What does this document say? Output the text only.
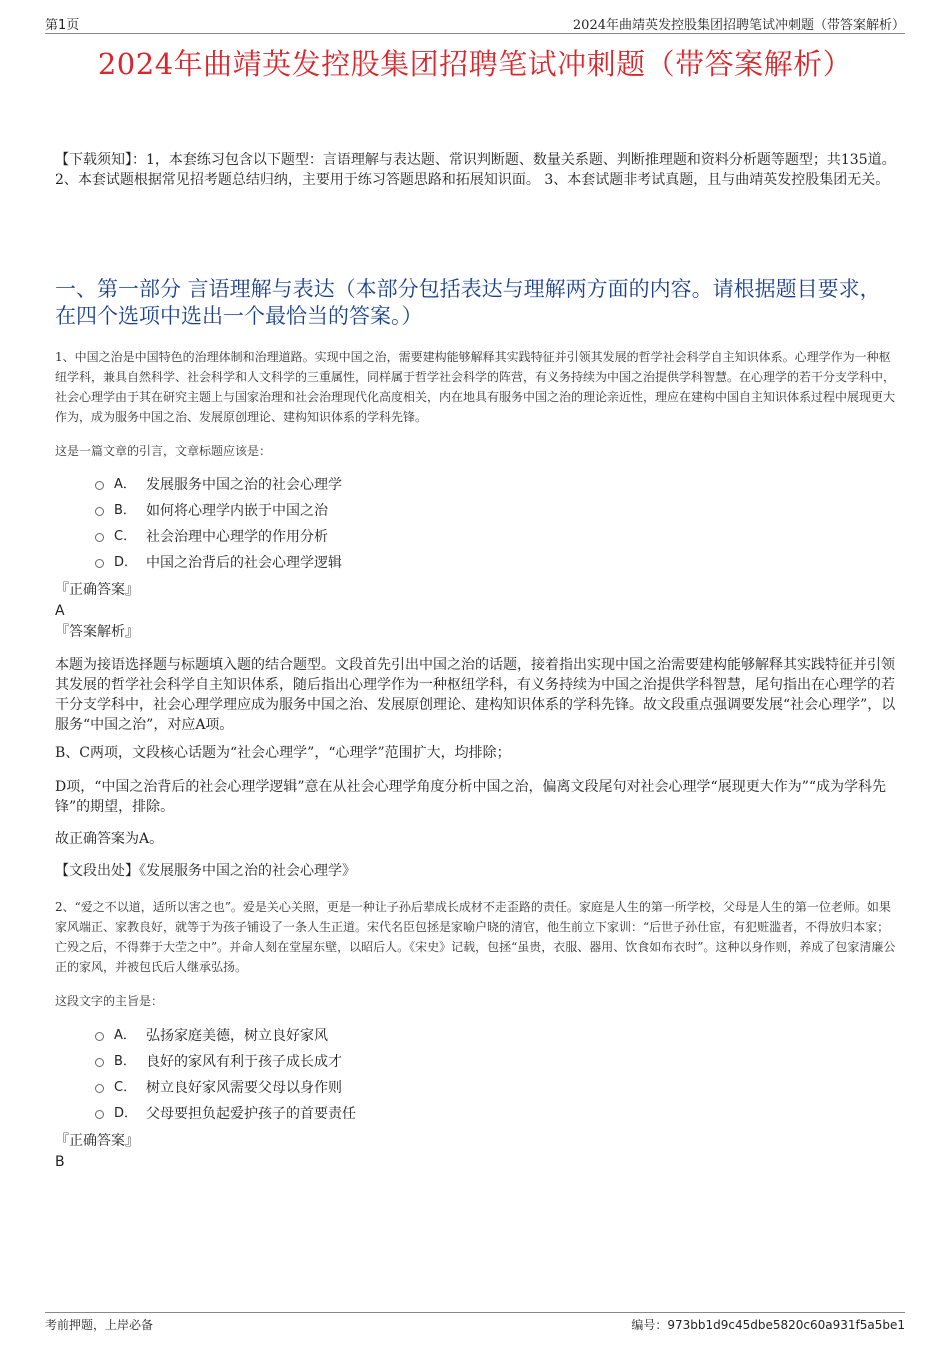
第1页	2024年曲靖英发控股集团招聘笔试冲刺题（带答案解析）
2024年曲靖英发控股集团招聘笔试冲刺题（带答案解析）
【下载须知】：1，本套练习包含以下题型：言语理解与表达题、常识判断题、数量关系题、判断推理题和资料分析题等题型；共135道。 2、本套试题根据常见招考题总结归纳，主要用于练习答题思路和拓展知识面。 3、本套试题非考试真题，且与曲靖英发控股集团无关。
一、第一部分 言语理解与表达（本部分包括表达与理解两方面的内容。请根据题目要求，在四个选项中选出一个最恰当的答案。）
1、中国之治是中国特色的治理体制和治理道路。实现中国之治，需要建构能够解释其实践特征并引领其发展的哲学社会科学自主知识体系。心理学作为一种枢纽学科，兼具自然科学、社会科学和人文科学的三重属性，同样属于哲学社会科学的阵营，有义务持续为中国之治提供学科智慧。在心理学的若干分支学科中，社会心理学由于其在研究主题上与国家治理和社会治理现代化高度相关，内在地具有服务中国之治的理论亲近性，理应在建构中国自主知识体系过程中展现更大作为，成为服务中国之治、发展原创理论、建构知识体系的学科先锋。
这是一篇文章的引言，文章标题应该是：
A． 发展服务中国之治的社会心理学
B． 如何将心理学内嵌于中国之治
C． 社会治理中心理学的作用分析
D． 中国之治背后的社会心理学逻辑
『正确答案』
A
『答案解析』
本题为接语选择题与标题填入题的结合题型。文段首先引出中国之治的话题，接着指出实现中国之治需要建构能够解释其实践特征并引领其发展的哲学社会科学自主知识体系，随后指出心理学作为一种枢纽学科，有义务持续为中国之治提供学科智慧，尾句指出在心理学的若干分支学科中，社会心理学理应成为服务中国之治、发展原创理论、建构知识体系的学科先锋。故文段重点强调要发展“社会心理学”，以服务“中国之治”，对应A项。
B、C两项，文段核心话题为“社会心理学”，“心理学”范围扩大，均排除；
D项，“中国之治背后的社会心理学逻辑”意在从社会心理学角度分析中国之治，偏离文段尾句对社会心理学“展现更大作为”“成为学科先锋”的期望，排除。
故正确答案为A。
【文段出处】《发展服务中国之治的社会心理学》
2、“爱之不以道，适所以害之也”。爱是关心关照，更是一种让子孙后辈成长成材不走歪路的责任。家庭是人生的第一所学校，父母是人生的第一位老师。如果家风端正、家教良好，就等于为孩子铺设了一条人生正道。宋代名臣包拯是家喻户晓的清官，他生前立下家训：“后世子孙仕宦，有犯赃滥者，不得放归本家；亡殁之后，不得葬于大茔之中”。并命人刻在堂屋东壁，以昭后人。《宋史》记载，包拯“虽贵，衣服、器用、饮食如布衣时”。这种以身作则，养成了包家清廉公正的家风，并被包氏后人继承弘扬。
这段文字的主旨是：
A． 弘扬家庭美德，树立良好家风
B． 良好的家风有利于孩子成长成才
C． 树立良好家风需要父母以身作则
D． 父母要担负起爱护孩子的首要责任
『正确答案』
B
考前押题，上岸必备	编号：973bb1d9c45dbe5820c60a931f5a5be1
